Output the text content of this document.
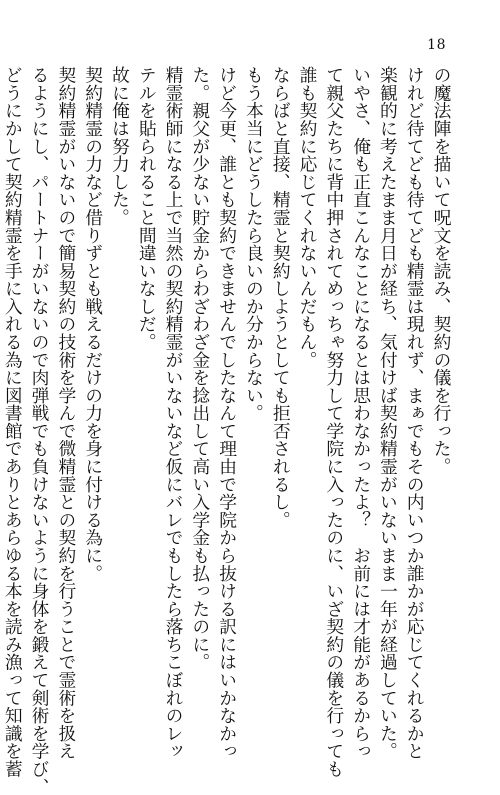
18
の魔法陣を描いて呪文を読み、契約の儀を行った。
けれど待てども待てども精霊は現れず、まぁでもその内いつか誰かが応じてくれるかと
楽観的に考えたまま月日が経ち、気付けば契約精霊がいないまま一年が経過していた。
いやさ、俺も正直こんなことになるとは思わなかったよ？　お前には才能があるからっ
て親父たちに背中押されてめっちゃ努力して学院に入ったのに、いざ契約の儀を行っても
誰も契約に応じてくれないんだもん。
ならばと直接、精霊と契約しようとしても拒否されるし。
もう本当にどうしたら良いのか分からない。
けど今更、誰とも契約できませんでしたなんて理由で学院から抜ける訳にはいかなかっ
た。親父が少ない貯金からわざわざ金を捻出して高い入学金も払ったのに。
精霊術師になる上で当然の契約精霊がいないなど仮にバレでもしたら落ちこぼれのレッ
テルを貼られること間違いなしだ。
故に俺は努力した。
契約精霊の力など借りずとも戦えるだけの力を身に付ける為に。
契約精霊がいないので簡易契約の技術を学んで微精霊との契約を行うことで霊術を扱え
るようにし、パートナーがいないので肉弾戦でも負けないように身体を鍛えて剣術を学び、
どうにかして契約精霊を手に入れる為に図書館でありとあらゆる本を読み漁って知識を蓄
